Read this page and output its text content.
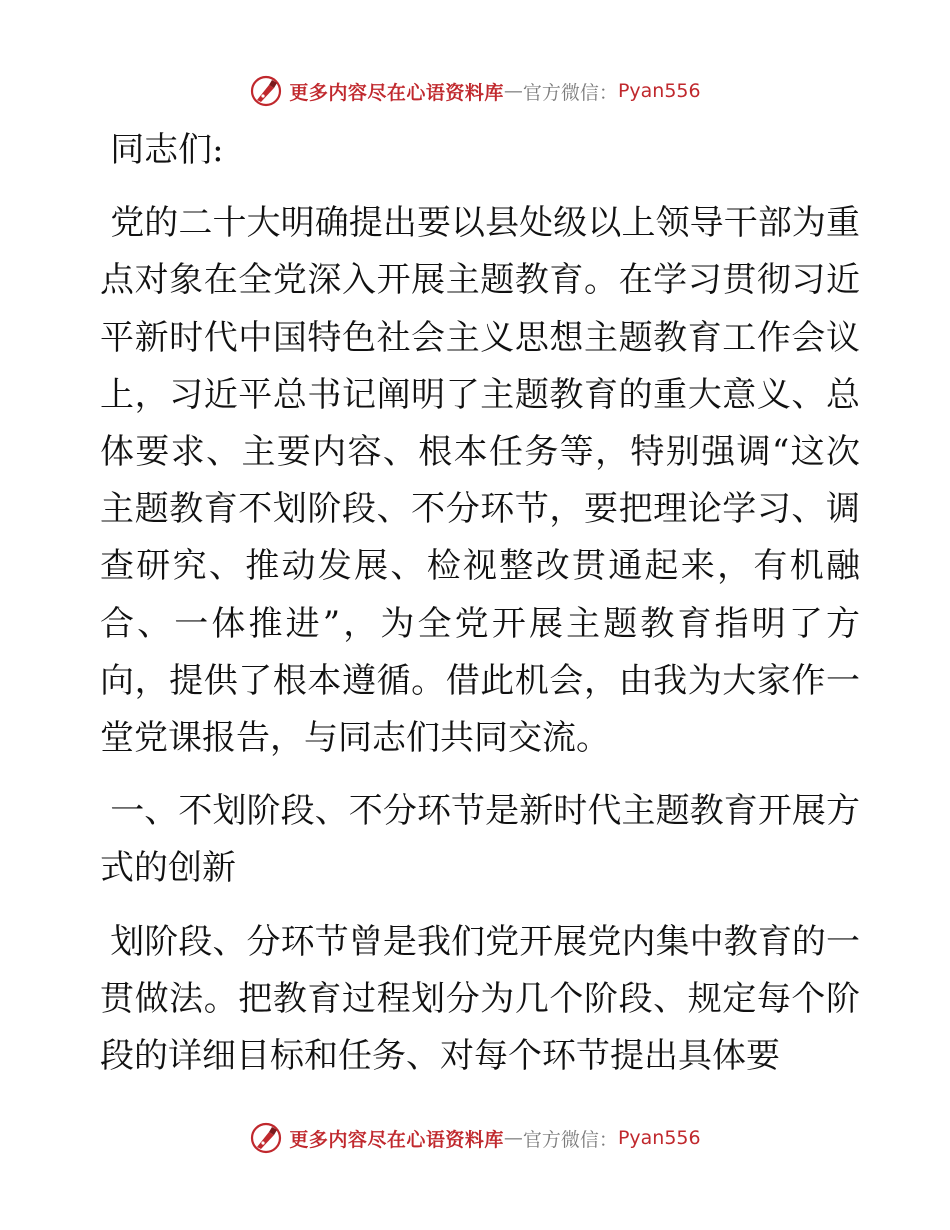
更多内容尽在心语资料库 — 官方微信： Pyan556

同志们:

党的二十大明确提出要以县处级以上领导干部为重点对象在全党深入开展主题教育。在学习贯彻习近平新时代中国特色社会主义思想主题教育工作会议上，习近平总书记阐明了主题教育的重大意义、总体要求、主要内容、根本任务等，特别强调“这次主题教育不划阶段、不分环节，要把理论学习、调查研究、推动发展、检视整改贯通起来，有机融合、一体推进”，为全党开展主题教育指明了方向，提供了根本遵循。借此机会，由我为大家作一堂党课报告，与同志们共同交流。

一、不划阶段、不分环节是新时代主题教育开展方式的创新

划阶段、分环节曾是我们党开展党内集中教育的一贯做法。把教育过程划分为几个阶段、规定每个阶段的详细目标和任务、对每个环节提出具体要

更多内容尽在心语资料库 — 官方微信： Pyan556
